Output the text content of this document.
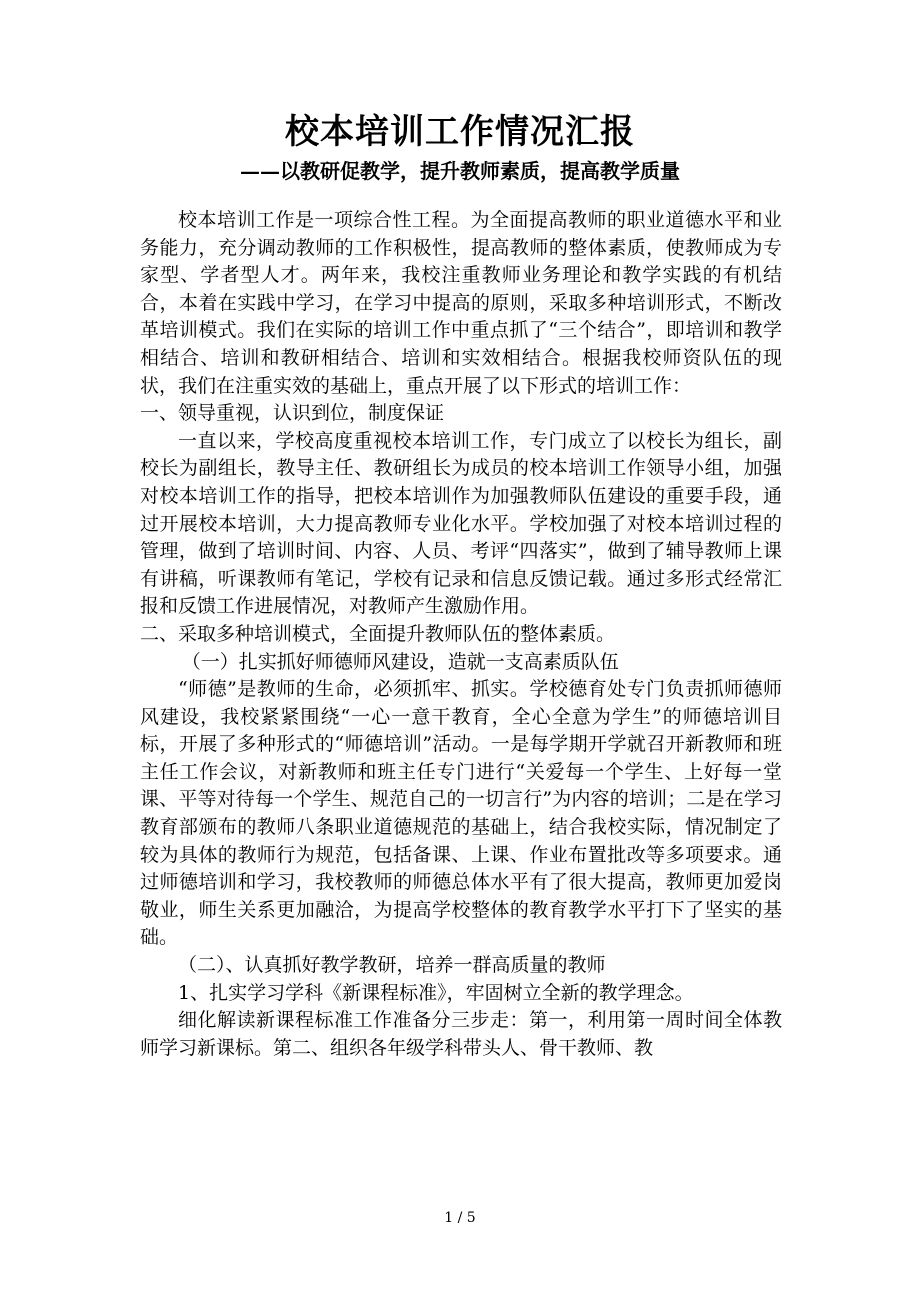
校本培训工作情况汇报
——以教研促教学，提升教师素质，提高教学质量

校本培训工作是一项综合性工程。为全面提高教师的职业道德水平和业务能力，充分调动教师的工作积极性，提高教师的整体素质，使教师成为专家型、学者型人才。两年来，我校注重教师业务理论和教学实践的有机结合，本着在实践中学习，在学习中提高的原则，采取多种培训形式，不断改革培训模式。我们在实际的培训工作中重点抓了“三个结合”，即培训和教学相结合、培训和教研相结合、培训和实效相结合。根据我校师资队伍的现状，我们在注重实效的基础上，重点开展了以下形式的培训工作：

一、领导重视，认识到位，制度保证

一直以来，学校高度重视校本培训工作，专门成立了以校长为组长，副校长为副组长，教导主任、教研组长为成员的校本培训工作领导小组，加强对校本培训工作的指导，把校本培训作为加强教师队伍建设的重要手段，通过开展校本培训，大力提高教师专业化水平。学校加强了对校本培训过程的管理，做到了培训时间、内容、人员、考评“四落实”，做到了辅导教师上课有讲稿，听课教师有笔记，学校有记录和信息反馈记载。通过多形式经常汇报和反馈工作进展情况，对教师产生激励作用。

二、采取多种培训模式，全面提升教师队伍的整体素质。

（一）扎实抓好师德师风建设，造就一支高素质队伍

“师德”是教师的生命，必须抓牢、抓实。学校德育处专门负责抓师德师风建设，我校紧紧围绕“一心一意干教育，全心全意为学生”的师德培训目标，开展了多种形式的“师德培训”活动。一是每学期开学就召开新教师和班主任工作会议，对新教师和班主任专门进行“关爱每一个学生、上好每一堂课、平等对待每一个学生、规范自己的一切言行”为内容的培训；二是在学习教育部颁布的教师八条职业道德规范的基础上，结合我校实际，情况制定了较为具体的教师行为规范，包括备课、上课、作业布置批改等多项要求。通过师德培训和学习，我校教师的师德总体水平有了很大提高，教师更加爱岗敬业，师生关系更加融洽，为提高学校整体的教育教学水平打下了坚实的基础。

（二）、认真抓好教学教研，培养一群高质量的教师

1、扎实学习学科《新课程标准》，牢固树立全新的教学理念。

细化解读新课程标准工作准备分三步走：第一，利用第一周时间全体教师学习新课标。第二、组织各年级学科带头人、骨干教师、教

1 / 5
